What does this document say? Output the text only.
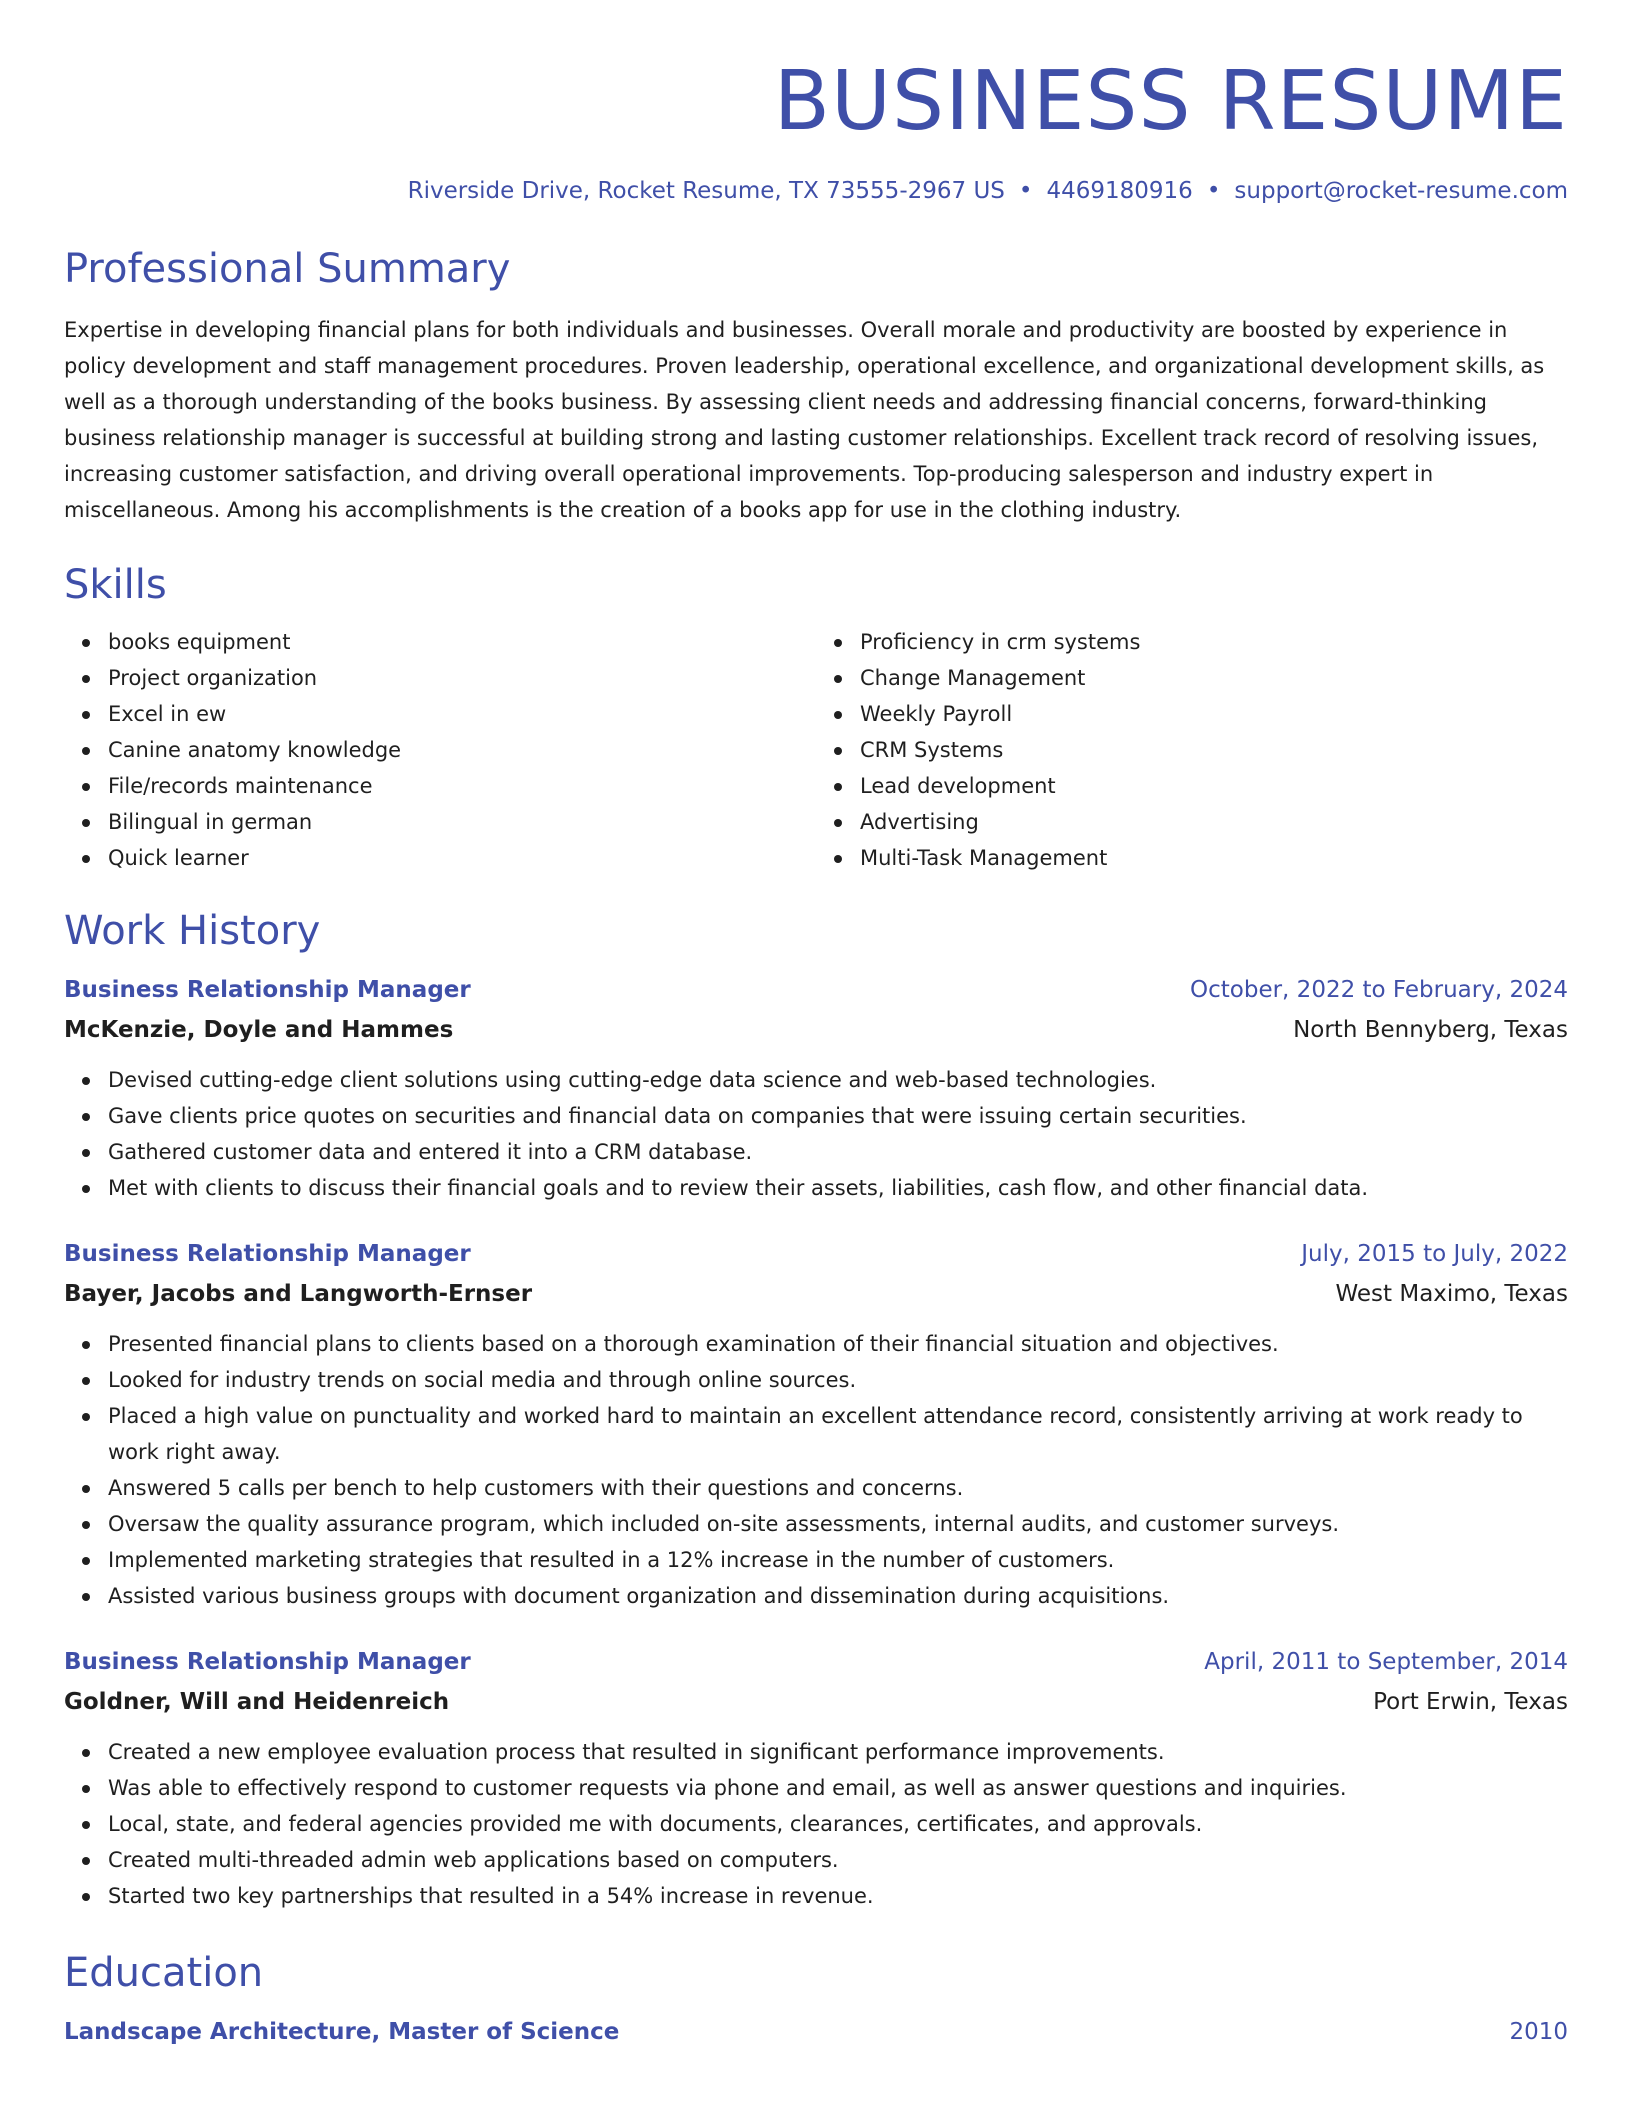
BUSINESS RESUME
Riverside Drive, Rocket Resume, TX 73555-2967 US • 4469180916 • support@rocket-resume.com
Professional Summary

Expertise in developing financial plans for both individuals and businesses. Overall morale and productivity are boosted by experience in policy development and staff management procedures. Proven leadership, operational excellence, and organizational development skills, as well as a thorough understanding of the books business. By assessing client needs and addressing financial concerns, forward-thinking business relationship manager is successful at building strong and lasting customer relationships. Excellent track record of resolving issues, increasing customer satisfaction, and driving overall operational improvements. Top-producing salesperson and industry expert in miscellaneous. Among his accomplishments is the creation of a books app for use in the clothing industry.

Skills
books equipment
Project organization
Excel in ew
Canine anatomy knowledge
File/records maintenance
Bilingual in german
Quick learner
Proficiency in crm systems
Change Management
Weekly Payroll
CRM Systems
Lead development
Advertising
Multi-Task Management
Work History
Business Relationship Manager	October, 2022 to February, 2024
McKenzie, Doyle and Hammes	North Bennyberg, Texas
Devised cutting-edge client solutions using cutting-edge data science and web-based technologies.
Gave clients price quotes on securities and financial data on companies that were issuing certain securities.
Gathered customer data and entered it into a CRM database.
Met with clients to discuss their financial goals and to review their assets, liabilities, cash flow, and other financial data.
Business Relationship Manager	July, 2015 to July, 2022
Bayer, Jacobs and Langworth-Ernser	West Maximo, Texas
Presented financial plans to clients based on a thorough examination of their financial situation and objectives.
Looked for industry trends on social media and through online sources.
Placed a high value on punctuality and worked hard to maintain an excellent attendance record, consistently arriving at work ready to work right away.
Answered 5 calls per bench to help customers with their questions and concerns.
Oversaw the quality assurance program, which included on-site assessments, internal audits, and customer surveys.
Implemented marketing strategies that resulted in a 12% increase in the number of customers.
Assisted various business groups with document organization and dissemination during acquisitions.
Business Relationship Manager	April, 2011 to September, 2014
Goldner, Will and Heidenreich	Port Erwin, Texas
Created a new employee evaluation process that resulted in significant performance improvements.
Was able to effectively respond to customer requests via phone and email, as well as answer questions and inquiries.
Local, state, and federal agencies provided me with documents, clearances, certificates, and approvals.
Created multi-threaded admin web applications based on computers.
Started two key partnerships that resulted in a 54% increase in revenue.
Education
Landscape Architecture, Master of Science	2010
